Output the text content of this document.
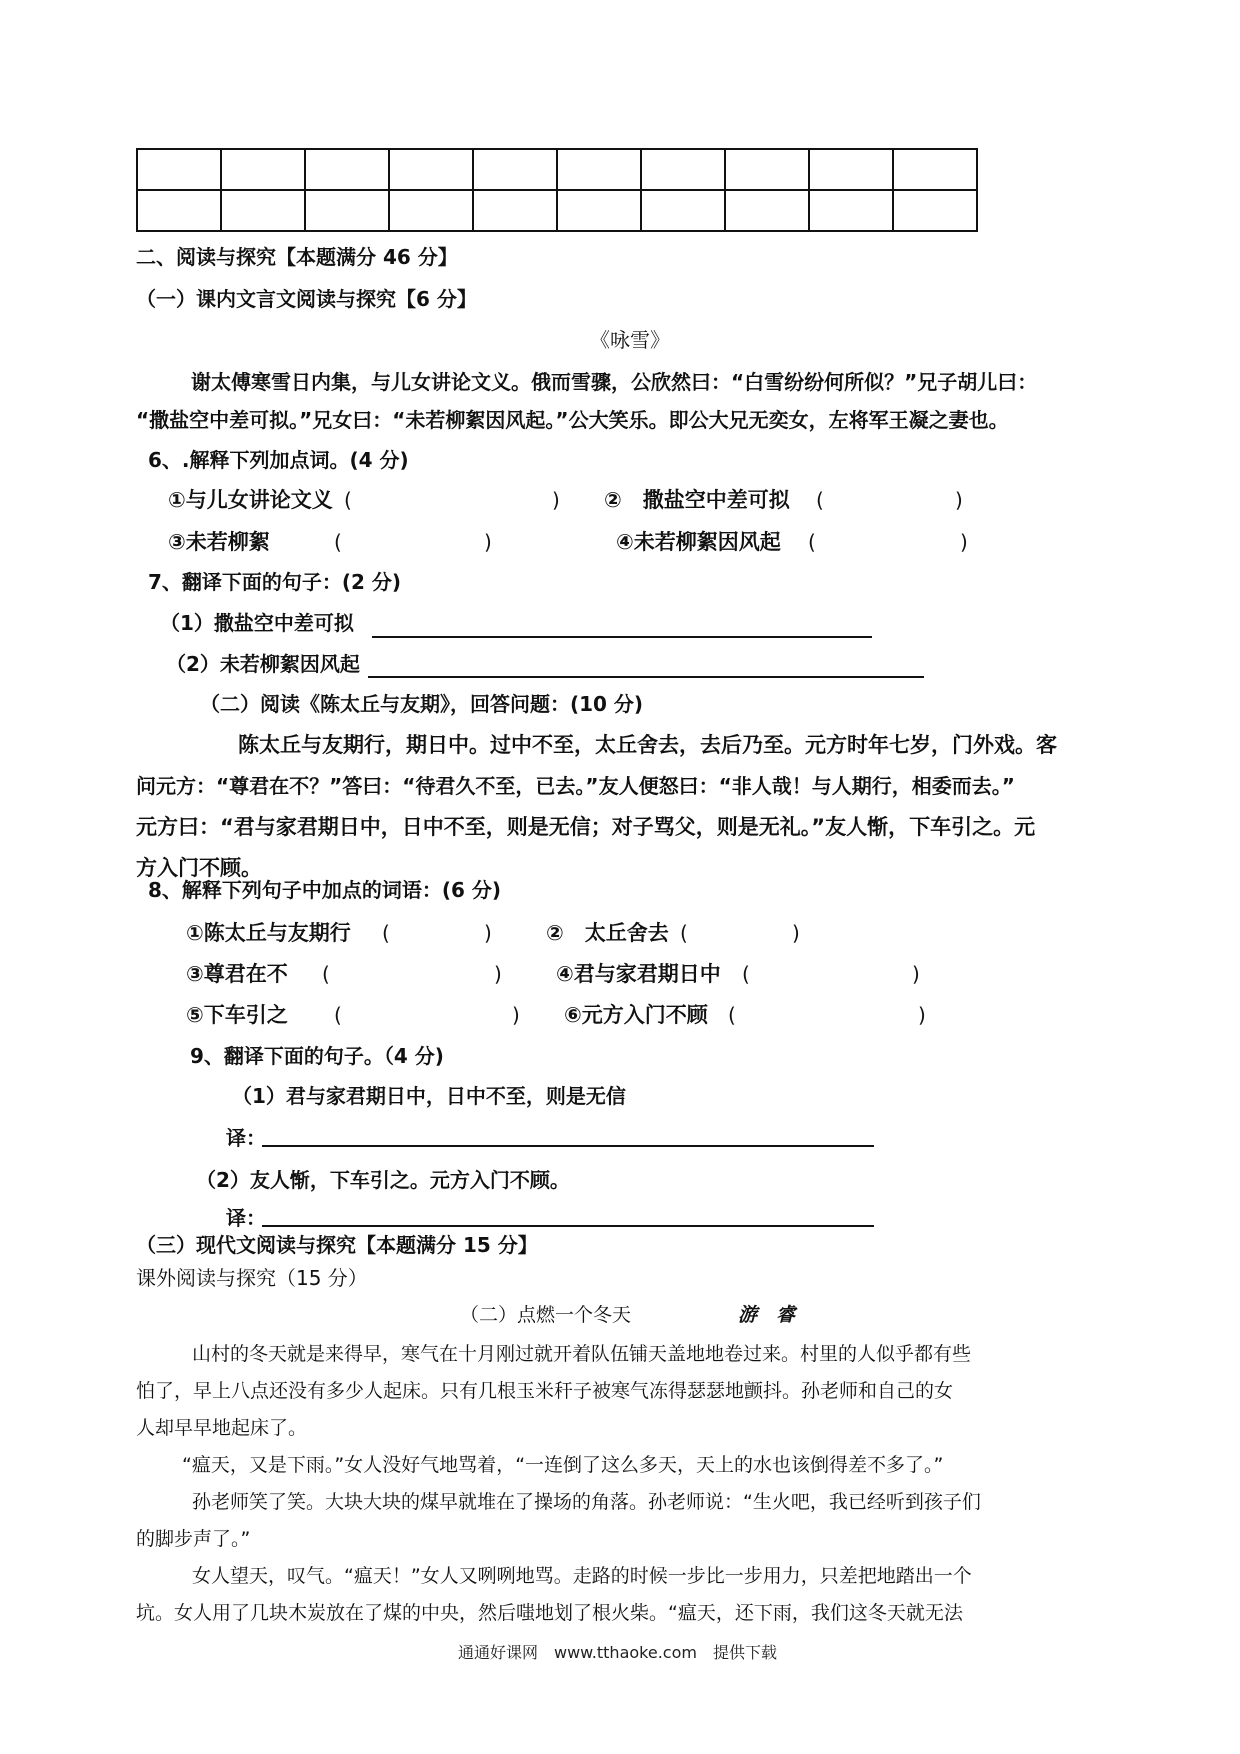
二、阅读与探究【本题满分 46 分】
（一）课内文言文阅读与探究【6 分】
《咏雪》
谢太傅寒雪日内集，与儿女讲论文义。俄而雪骤，公欣然曰：“白雪纷纷何所似？”兄子胡儿曰：
“撒盐空中差可拟。”兄女曰：“未若柳絮因风起。”公大笑乐。即公大兄无奕女，左将军王凝之妻也。
6、.解释下列加点词。(4 分)
①与儿女讲论文义 (	) ②　撒盐空中差可拟 (	)
③未若柳絮	(	)	④未若柳絮因风起 (	)
7、翻译下面的句子：(2 分)
（1）撒盐空中差可拟
（2）未若柳絮因风起
（二）阅读《陈太丘与友期》，回答问题：(10 分)
陈太丘与友期行，期日中。过中不至，太丘舍去，去后乃至。元方时年七岁，门外戏。客
问元方：“尊君在不？”答曰：“待君久不至，已去。”友人便怒曰：“非人哉！与人期行，相委而去。”
元方曰：“君与家君期日中，日中不至，则是无信；对子骂父，则是无礼。”友人惭，下车引之。元
方入门不顾。
8、解释下列句子中加点的词语：(6 分)
①陈太丘与友期行 (	)	②　太丘舍去 (	)
③尊君在不 (	)	④君与家君期日中 (	)
⑤下车引之 (	) ⑥元方入门不顾 (	)
9、翻译下面的句子。（4 分)
（1）君与家君期日中，日中不至，则是无信
译：
（2）友人惭，下车引之。元方入门不顾。
译：
（三）现代文阅读与探究【本题满分 15 分】
课外阅读与探究（15 分）
（二）点燃一个冬天	游　睿
山村的冬天就是来得早，寒气在十月刚过就开着队伍铺天盖地地卷过来。村里的人似乎都有些
怕了，早上八点还没有多少人起床。只有几根玉米秆子被寒气冻得瑟瑟地颤抖。孙老师和自己的女
人却早早地起床了。
“瘟天，又是下雨。”女人没好气地骂着，“一连倒了这么多天，天上的水也该倒得差不多了。”
孙老师笑了笑。大块大块的煤早就堆在了操场的角落。孙老师说：“生火吧，我已经听到孩子们
的脚步声了。”
女人望天，叹气。“瘟天！”女人又咧咧地骂。走路的时候一步比一步用力，只差把地踏出一个
坑。女人用了几块木炭放在了煤的中央，然后嗤地划了根火柴。“瘟天，还下雨，我们这冬天就无法
通通好课网　www.tthaoke.com　提供下载
